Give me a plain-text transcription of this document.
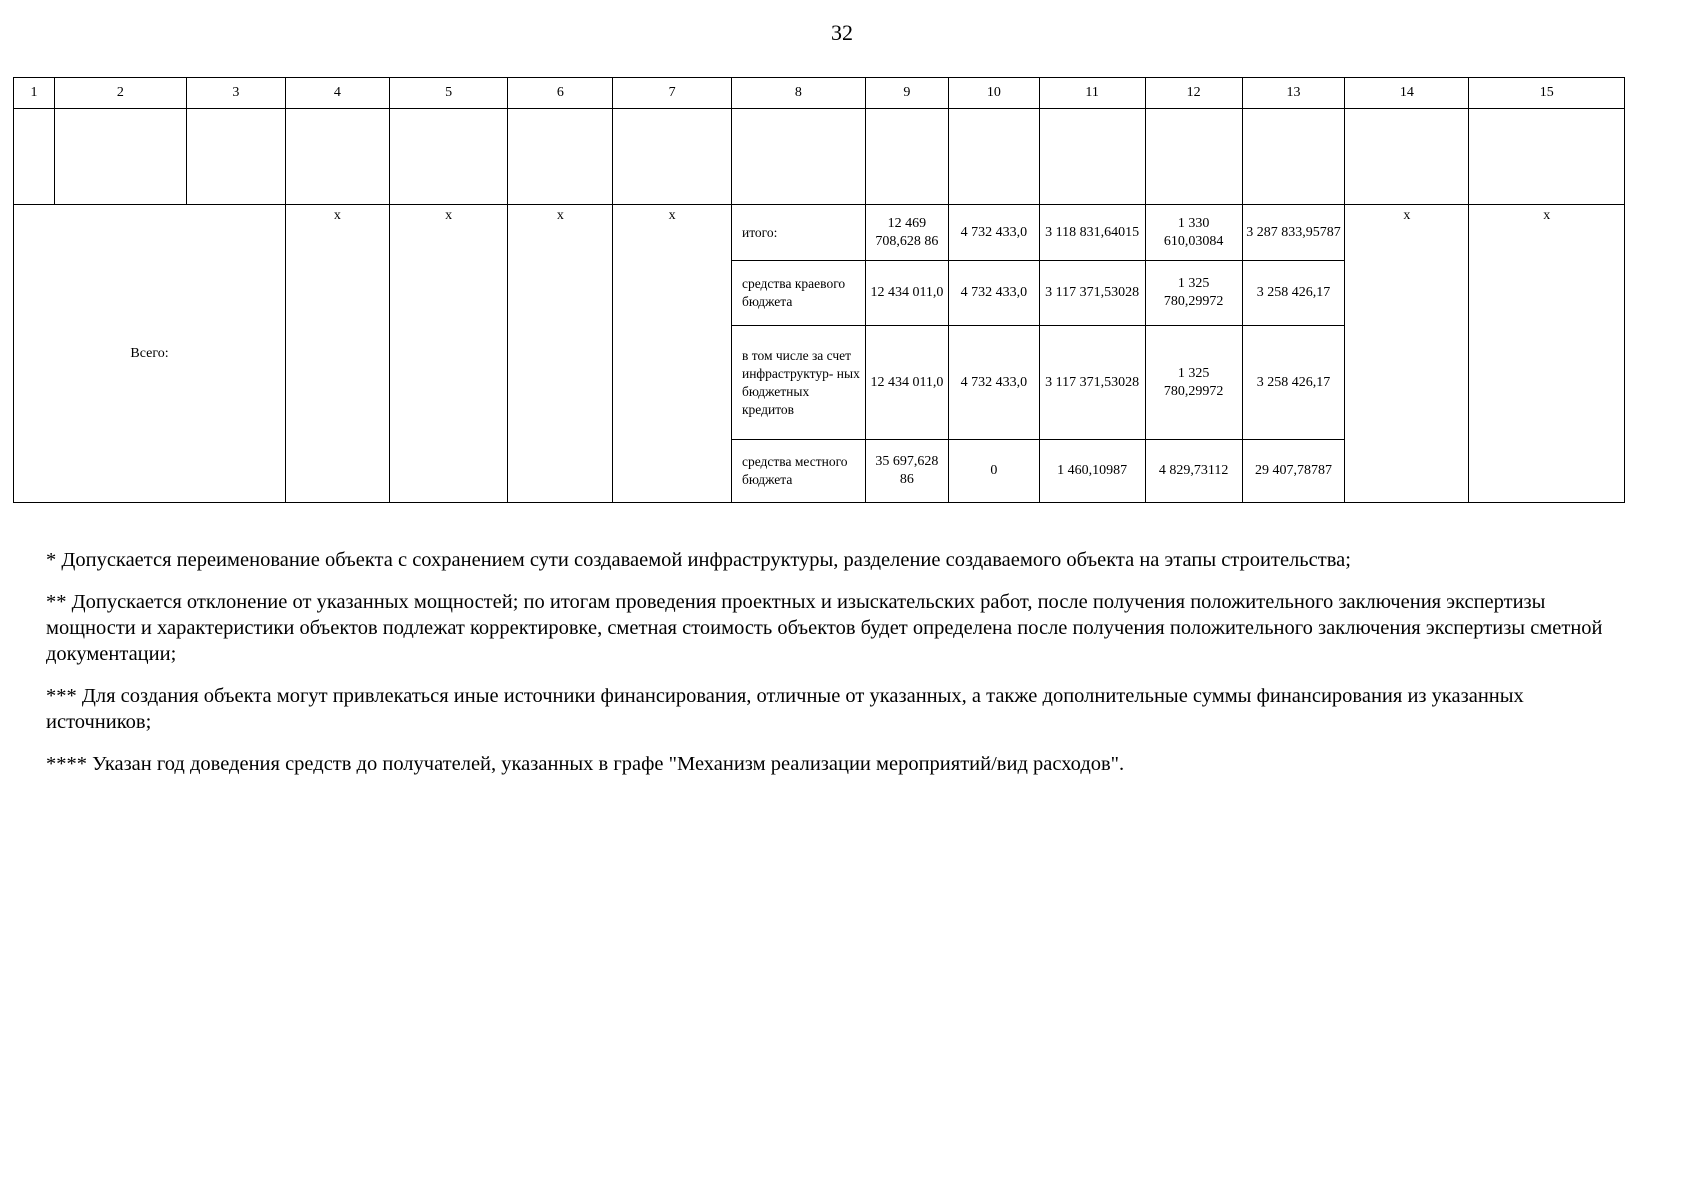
32
1	2	3	4	5	6	7	8	9	10	11	12	13	14	15

Всего:			x	x	x	x	итого:	12 469 708,628 86	4 732 433,0	3 118 831,64015	1 330 610,03084	3 287 833,95787	x	x
							средства краевого бюджета	12 434 011,0	4 732 433,0	3 117 371,53028	1 325 780,29972	3 258 426,17		
							в том числе за счет инфраструктур- ных бюджетных кредитов	12 434 011,0	4 732 433,0	3 117 371,53028	1 325 780,29972	3 258 426,17		
							средства местного бюджета	35 697,628 86	0	1 460,10987	4 829,73112	29 407,78787		

* Допускается переименование объекта с сохранением сути создаваемой инфраструктуры, разделение создаваемого объекта на этапы строительства;

** Допускается отклонение от указанных мощностей; по итогам проведения проектных и изыскательских работ, после получения положительного заключения экспертизы мощности и характеристики объектов подлежат корректировке, сметная стоимость объектов будет определена после получения положительного заключения экспертизы сметной документации;

*** Для создания объекта могут привлекаться иные источники финансирования, отличные от указанных, а также дополнительные суммы финансирования из указанных источников;

**** Указан год доведения средств до получателей, указанных в графе "Механизм реализации мероприятий/вид расходов".
